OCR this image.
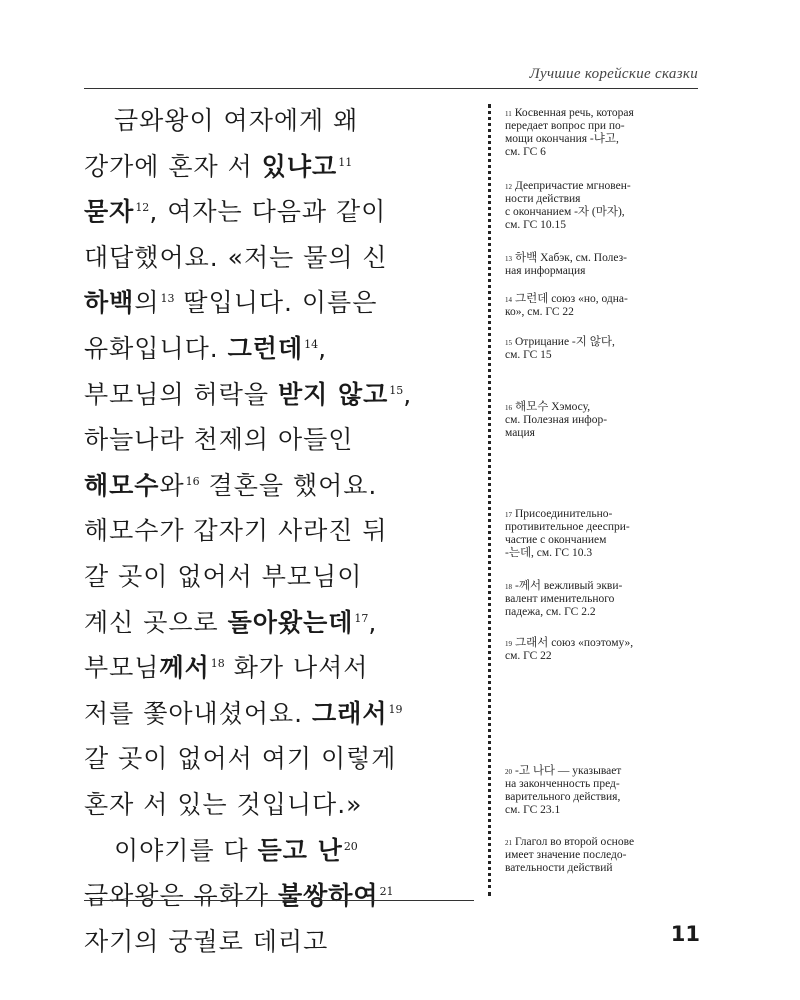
Лучшие корейские сказки
금와왕이 여자에게 왜
강가에 혼자 서 있냐고$^{11}$
묻자$^{12}$, 여자는 다음과 같이
대답했어요. «저는 물의 신
하백의$^{13}$ 딸입니다. 이름은
유화입니다. 그런데$^{14}$,
부모님의 허락을 받지 않고$^{15}$,
하늘나라 천제의 아들인
해모수와$^{16}$ 결혼을 했어요.
해모수가 갑자기 사라진 뒤
갈 곳이 없어서 부모님이
계신 곳으로 돌아왔는데$^{17}$,
부모님께서$^{18}$ 화가 나셔서
저를 쫓아내셨어요. 그래서$^{19}$
갈 곳이 없어서 여기 이렇게
혼자 서 있는 것입니다.»
이야기를 다 듣고 난$^{20}$
금와왕은 유화가 불쌍하여$^{21}$
자기의 궁궐로 데리고
$^{11}$ Косвенная речь, которая
передает вопрос при по-
мощи окончания -냐고,
см. ГС 6
$^{12}$ Деепричастие мгновен-
ности действия
с окончанием -자 (마자),
см. ГС 10.15
$^{13}$ 하백 Хабэк, см. Полез-
ная информация
$^{14}$ 그런데 союз «но, одна-
ко», см. ГС 22
$^{15}$ Отрицание -지 않다,
см. ГС 15
$^{16}$ 해모수 Хэмосу,
см. Полезная инфор-
мация
$^{17}$ Присоединительно-
противительное дееспри-
частие с окончанием
-는데, см. ГС 10.3
$^{18}$ -께서 вежливый экви-
валент именительного
падежа, см. ГС 2.2
$^{19}$ 그래서 союз «поэтому»,
см. ГС 22
$^{20}$ -고 나다 — указывает
на законченность пред-
варительного действия,
см. ГС 23.1
$^{21}$ Глагол во второй основе
имеет значение последо-
вательности действий
11
